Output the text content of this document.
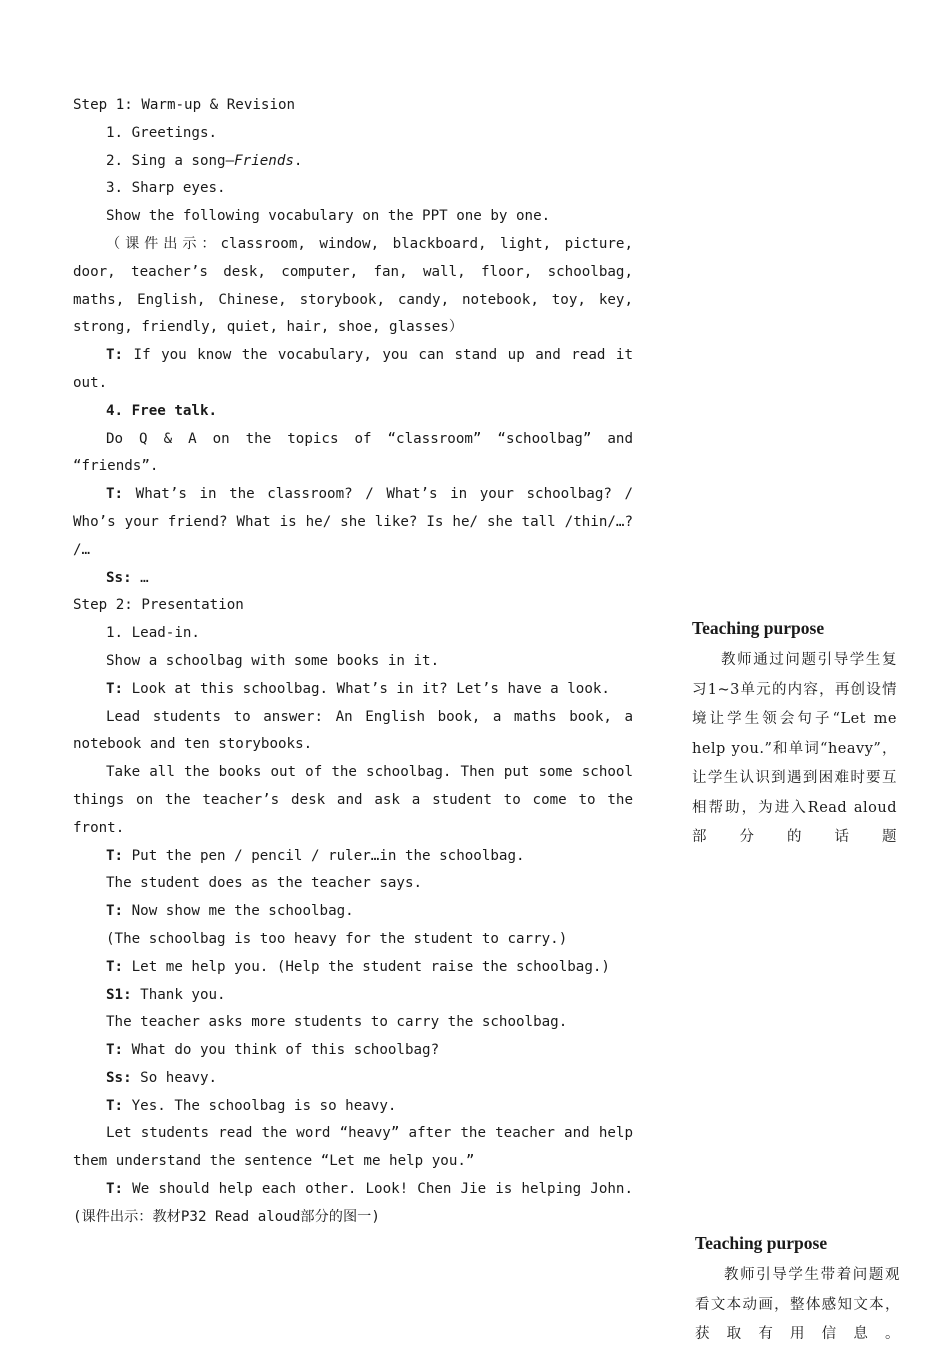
Step 1: Warm-up & Revision

1. Greetings.

2. Sing a song—Friends.

3. Sharp eyes.

Show the following vocabulary on the PPT one by one.

（课件出示：classroom, window, blackboard, light, picture, door, teacher’s desk, computer, fan, wall, floor, schoolbag, maths, English, Chinese, storybook, candy, notebook, toy, key, strong, friendly, quiet, hair, shoe, glasses）

T: If you know the vocabulary, you can stand up and read it out.

4. Free talk.

Do Q & A on the topics of “classroom” “schoolbag” and “friends”.

T: What’s in the classroom? / What’s in your schoolbag? / Who’s your friend? What is he/ she like? Is he/ she tall /thin/…? /…

Ss: …

Step 2: Presentation

1. Lead-in.

Show a schoolbag with some books in it.

T: Look at this schoolbag. What’s in it? Let’s have a look.

Lead students to answer: An English book, a maths book, a notebook and ten storybooks.

Take all the books out of the schoolbag. Then put some school things on the teacher’s desk and ask a student to come to the front.

T: Put the pen / pencil / ruler…in the schoolbag.

The student does as the teacher says.

T: Now show me the schoolbag.

(The schoolbag is too heavy for the student to carry.)

T: Let me help you. (Help the student raise the schoolbag.)

S1: Thank you.

The teacher asks more students to carry the schoolbag.

T: What do you think of this schoolbag?

Ss: So heavy.

T: Yes. The schoolbag is so heavy.

Let students read the word “heavy” after the teacher and help them understand the sentence “Let me help you.”

T: We should help each other. Look! Chen Jie is helping John. (课件出示：教材P32 Read aloud部分的图一)

Teaching purpose

教师通过问题引导学生复习1~3单元的内容，再创设情境让学生领会句子“Let me help you.”和单词“heavy”，让学生认识到遇到困难时要互相帮助，为进入Read aloud部分的话题

Teaching purpose

教师引导学生带着问题观看文本动画，整体感知文本，获取有用信息。
